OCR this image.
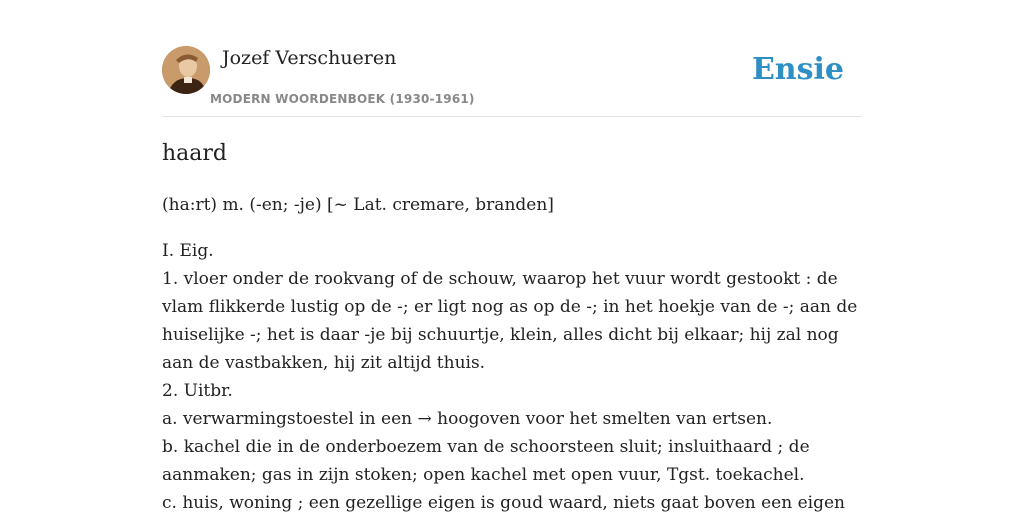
Jozef Verschueren
MODERN WOORDENBOEK (1930-1961)
Ensie
haard

(ha:rt) m. (-en; -je) [~ Lat. cremare, branden]

I. Eig.
1. vloer onder de rookvang of de schouw, waarop het vuur wordt gestookt : de
vlam flikkerde lustig op de -; er ligt nog as op de -; in het hoekje van de -; aan de
huiselijke -; het is daar -je bij schuurtje, klein, alles dicht bij elkaar; hij zal nog
aan de vastbakken, hij zit altijd thuis.
2. Uitbr.
a. verwarmingstoestel in een → hoogoven voor het smelten van ertsen.
b. kachel die in de onderboezem van de schoorsteen sluit; insluithaard ; de
aanmaken; gas in zijn stoken; open kachel met open vuur, Tgst. toekachel.
c. huis, woning ; een gezellige eigen is goud waard, niets gaat boven een eigen
